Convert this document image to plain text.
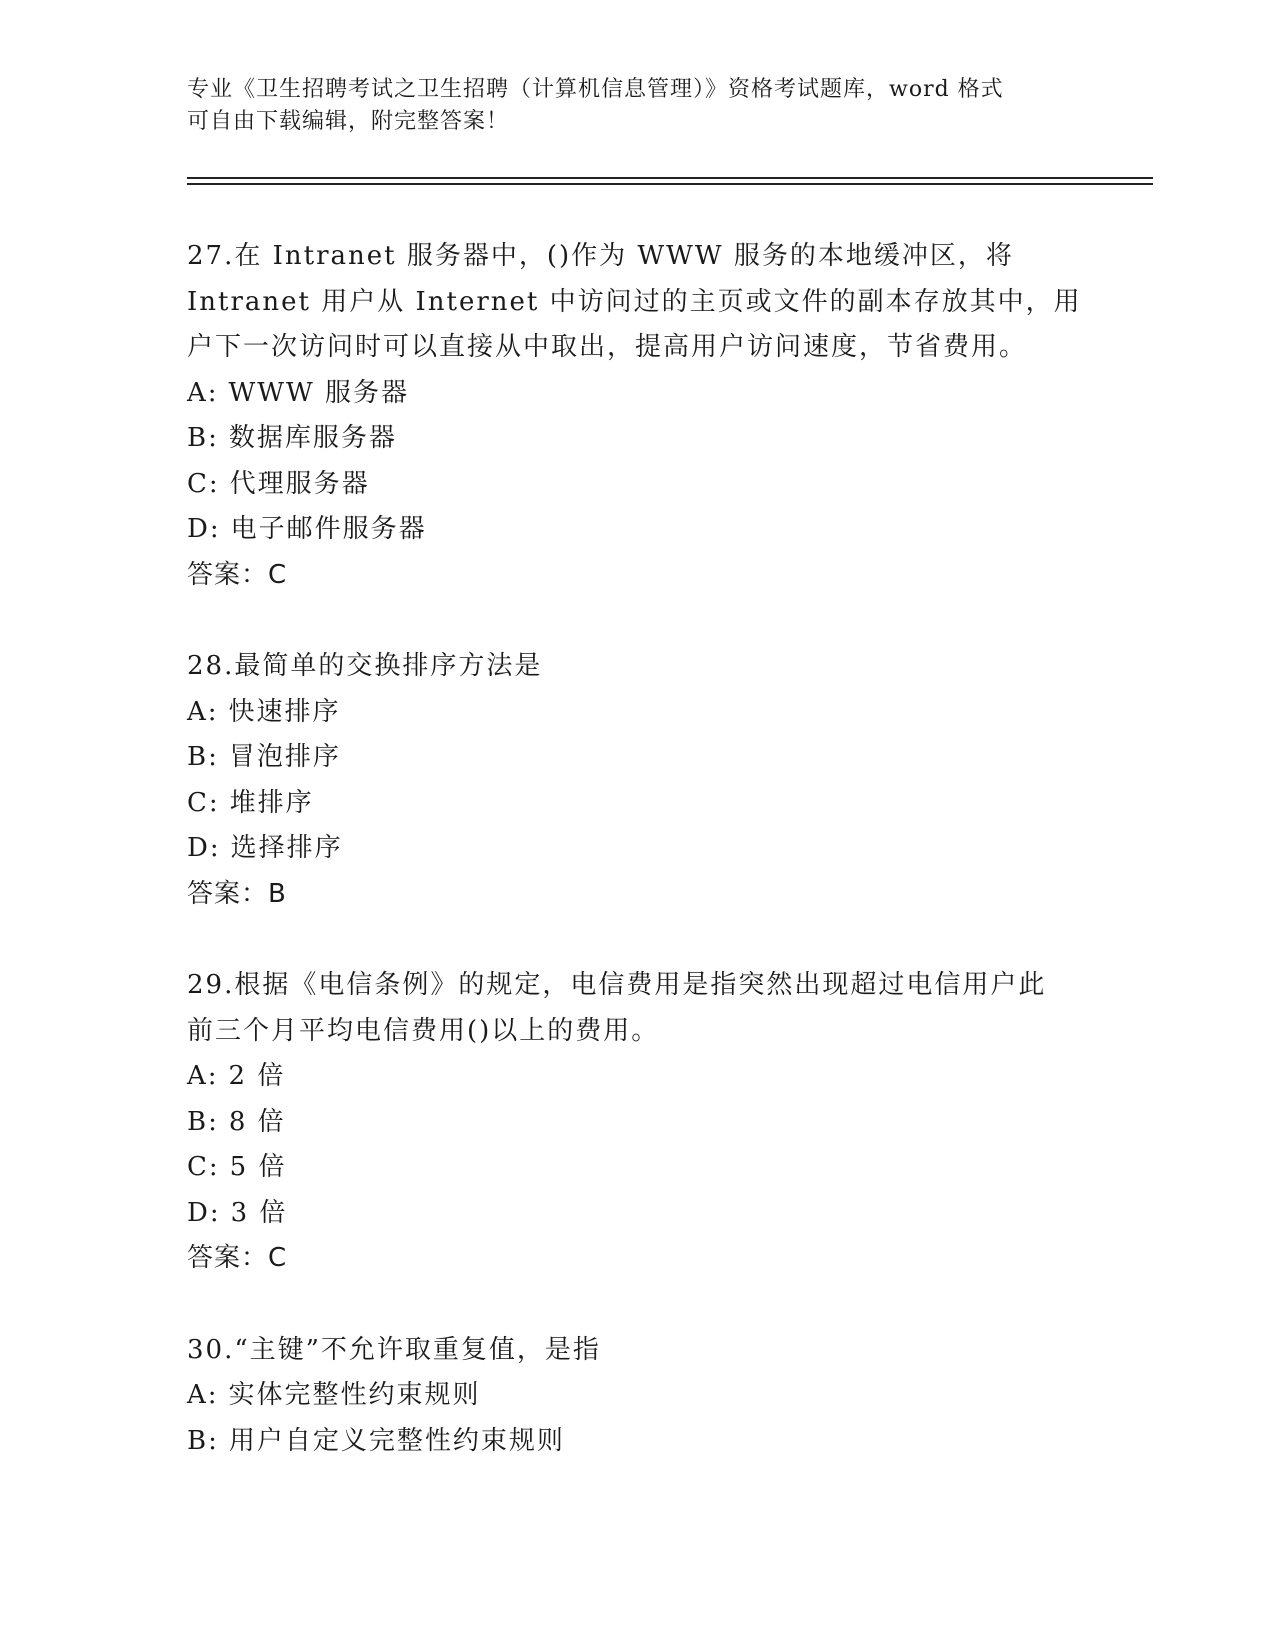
专业《卫生招聘考试之卫生招聘（计算机信息管理）》资格考试题库，word 格式
可自由下载编辑，附完整答案！
27.在 Intranet 服务器中，()作为 WWW 服务的本地缓冲区，将
Intranet 用户从 Internet 中访问过的主页或文件的副本存放其中，用
户下一次访问时可以直接从中取出，提高用户访问速度，节省费用。
A: WWW 服务器
B: 数据库服务器
C: 代理服务器
D: 电子邮件服务器
答案：C
28.最简单的交换排序方法是
A: 快速排序
B: 冒泡排序
C: 堆排序
D: 选择排序
答案：B
29.根据《电信条例》的规定，电信费用是指突然出现超过电信用户此
前三个月平均电信费用()以上的费用。
A: 2 倍
B: 8 倍
C: 5 倍
D: 3 倍
答案：C
30.“主键”不允许取重复值，是指
A: 实体完整性约束规则
B: 用户自定义完整性约束规则
